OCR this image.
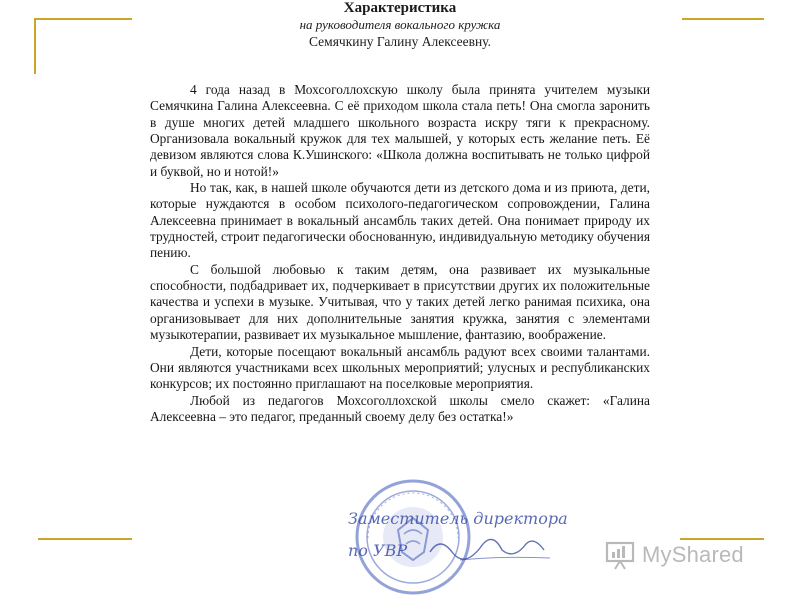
Характеристика
на руководителя вокального кружка
Семячкину Галину Алексеевну.

4 года назад в Мохсоголлохскую школу была принята учителем музыки Семячкина Галина Алексеевна. С её приходом школа стала петь! Она смогла заронить в душе многих детей младшего школьного возраста искру тяги к прекрасному. Организовала вокальный кружок для тех малышей, у которых есть желание петь. Её девизом являются слова К.Ушинского: «Школа должна воспитывать не только цифрой и буквой, но и нотой!»

Но так, как, в нашей школе обучаются дети из детского дома и из приюта, дети, которые нуждаются в особом психолого-педагогическом сопровождении, Галина Алексеевна принимает в вокальный ансамбль таких детей. Она понимает природу их трудностей, строит педагогически обоснованную, индивидуальную методику обучения пению.

С большой любовью к таким детям, она развивает их музыкальные способности, подбадривает их, подчеркивает в присутствии других их положительные качества и успехи в музыке. Учитывая, что у таких детей легко ранимая психика, она организовывает для них дополнительные занятия кружка, занятия с элементами музыкотерапии, развивает их музыкальное мышление, фантазию, воображение.

Дети, которые посещают вокальный ансамбль радуют всех своими талантами. Они являются участниками всех школьных мероприятий; улусных и республиканских конкурсов; их постоянно приглашают на поселковые мероприятия.

Любой из педагогов Мохсоголлохской школы смело скажет: «Галина Алексеевна – это педагог, преданный своему делу без остатка!»

Заместитель директора
по УВР	MyShared
